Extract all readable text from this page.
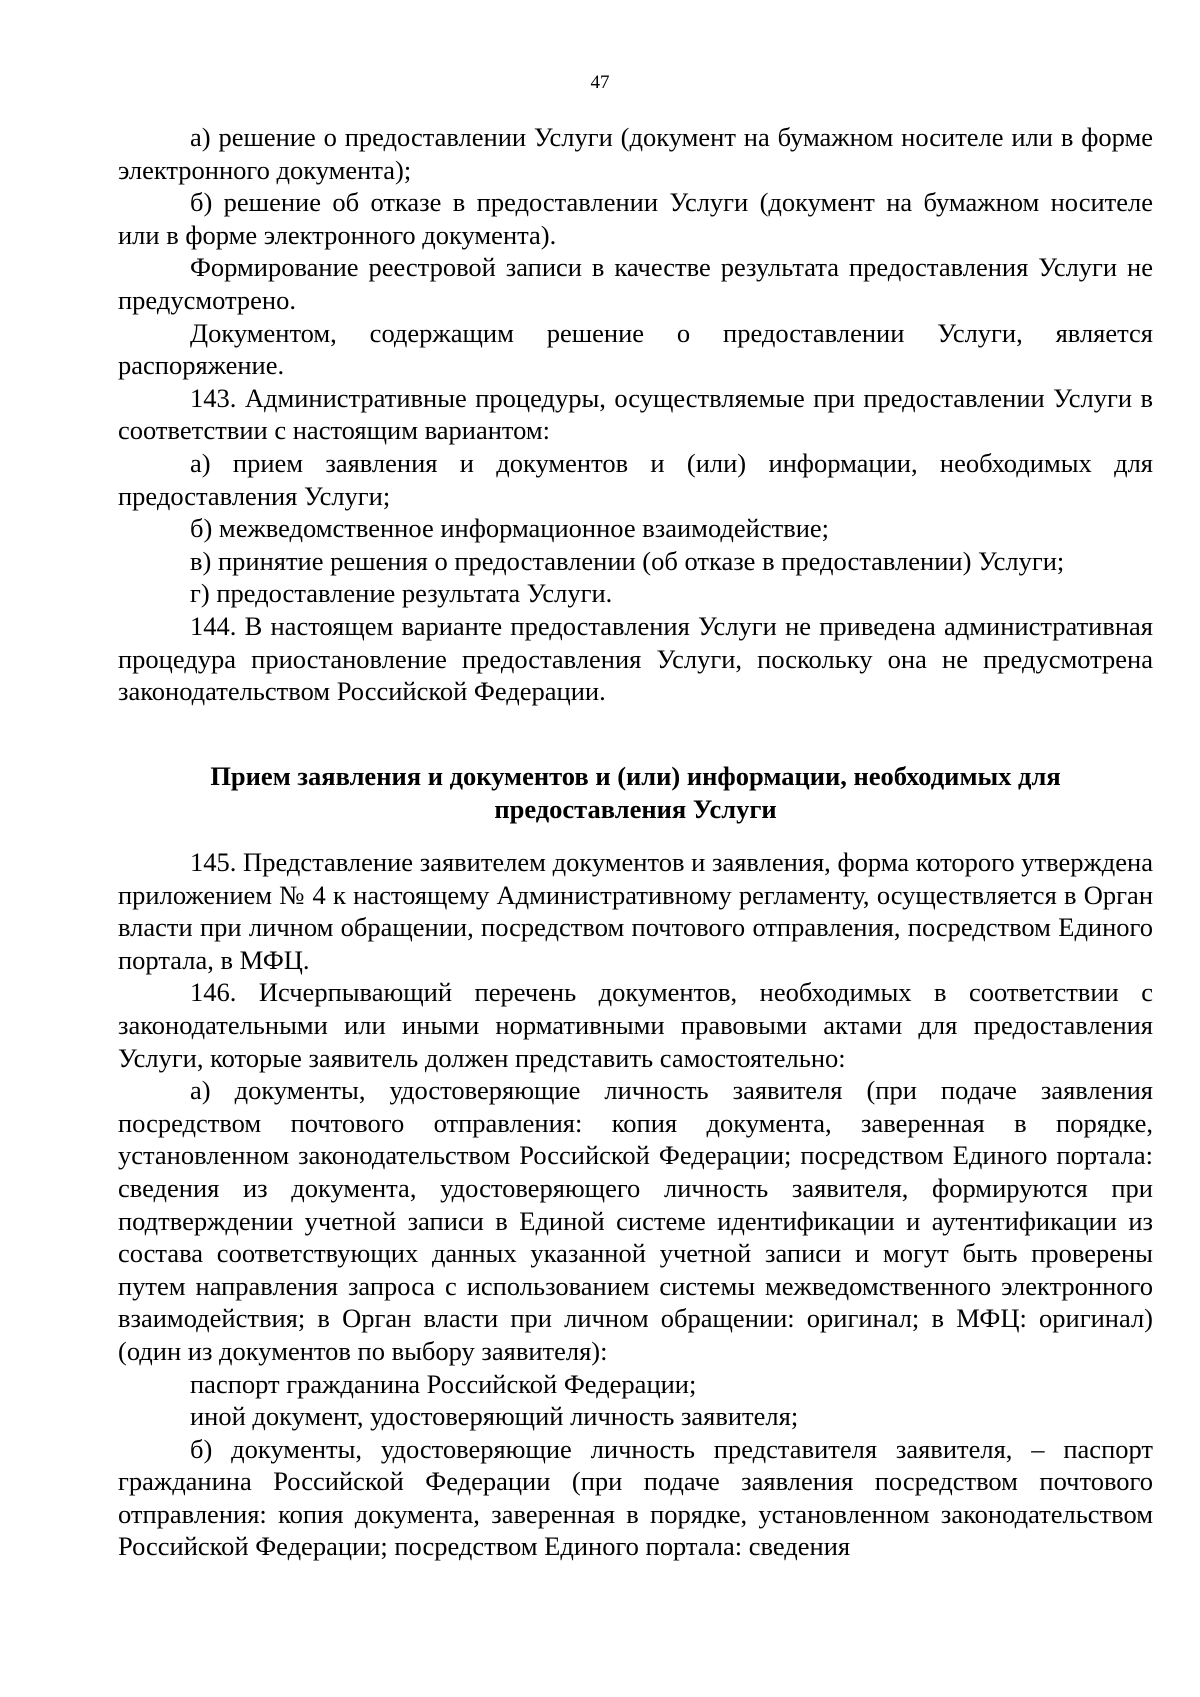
47

а) решение о предоставлении Услуги (документ на бумажном носителе или в форме электронного документа);

б) решение об отказе в предоставлении Услуги (документ на бумажном носителе или в форме электронного документа).

Формирование реестровой записи в качестве результата предоставления Услуги не предусмотрено.

Документом, содержащим решение о предоставлении Услуги, является распоряжение.

143. Административные процедуры, осуществляемые при предоставлении Услуги в соответствии с настоящим вариантом:

а) прием заявления и документов и (или) информации, необходимых для предоставления Услуги;

б) межведомственное информационное взаимодействие;

в) принятие решения о предоставлении (об отказе в предоставлении) Услуги;

г) предоставление результата Услуги.

144. В настоящем варианте предоставления Услуги не приведена административная процедура приостановление предоставления Услуги, поскольку она не предусмотрена законодательством Российской Федерации.

Прием заявления и документов и (или) информации, необходимых для предоставления Услуги

145. Представление заявителем документов и заявления, форма которого утверждена приложением № 4 к настоящему Административному регламенту, осуществляется в Орган власти при личном обращении, посредством почтового отправления, посредством Единого портала, в МФЦ.

146. Исчерпывающий перечень документов, необходимых в соответствии с законодательными или иными нормативными правовыми актами для предоставления Услуги, которые заявитель должен представить самостоятельно:

а) документы, удостоверяющие личность заявителя (при подаче заявления посредством почтового отправления: копия документа, заверенная в порядке, установленном законодательством Российской Федерации; посредством Единого портала: сведения из документа, удостоверяющего личность заявителя, формируются при подтверждении учетной записи в Единой системе идентификации и аутентификации из состава соответствующих данных указанной учетной записи и могут быть проверены путем направления запроса с использованием системы межведомственного электронного взаимодействия; в Орган власти при личном обращении: оригинал; в МФЦ: оригинал) (один из документов по выбору заявителя):

паспорт гражданина Российской Федерации;

иной документ, удостоверяющий личность заявителя;

б) документы, удостоверяющие личность представителя заявителя, – паспорт гражданина Российской Федерации (при подаче заявления посредством почтового отправления: копия документа, заверенная в порядке, установленном законодательством Российской Федерации; посредством Единого портала: сведения
